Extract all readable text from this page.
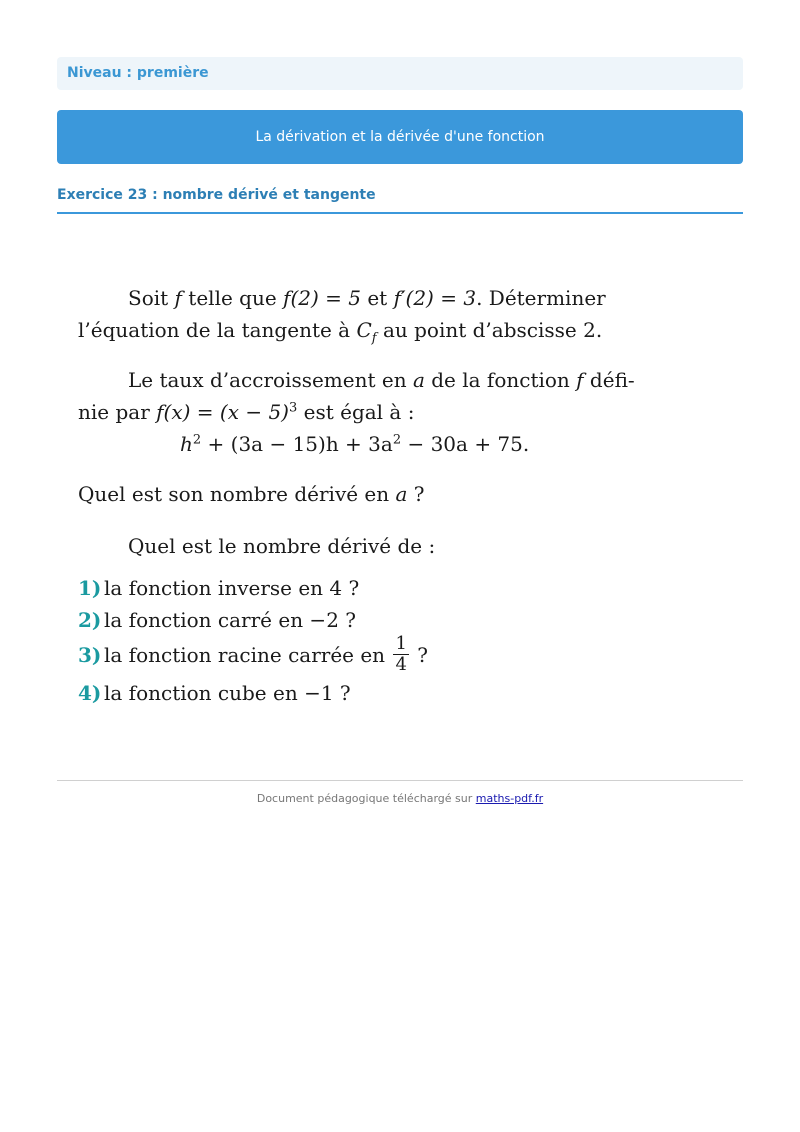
Niveau : première
La dérivation et la dérivée d'une fonction
Exercice 23 : nombre dérivé et tangente

Soit f telle que f(2) = 5 et f′(2) = 3. Déterminer

l’équation de la tangente à $C_f$ au point d’abscisse 2.

Le taux d’accroissement en a de la fonction f défi-

nie par $f(x) = (x - 5)^3$ est égal à :

$h^2 + (3a - 15)h + 3a^2 - 30a + 75$.

Quel est son nombre dérivé en a ?

Quel est le nombre dérivé de :

1) la fonction inverse en 4 ?
2) la fonction carré en −2 ?
3) la fonction racine carrée en $\frac{1}{4}$ ?
4) la fonction cube en −1 ?
Document pédagogique téléchargé sur maths-pdf.fr
